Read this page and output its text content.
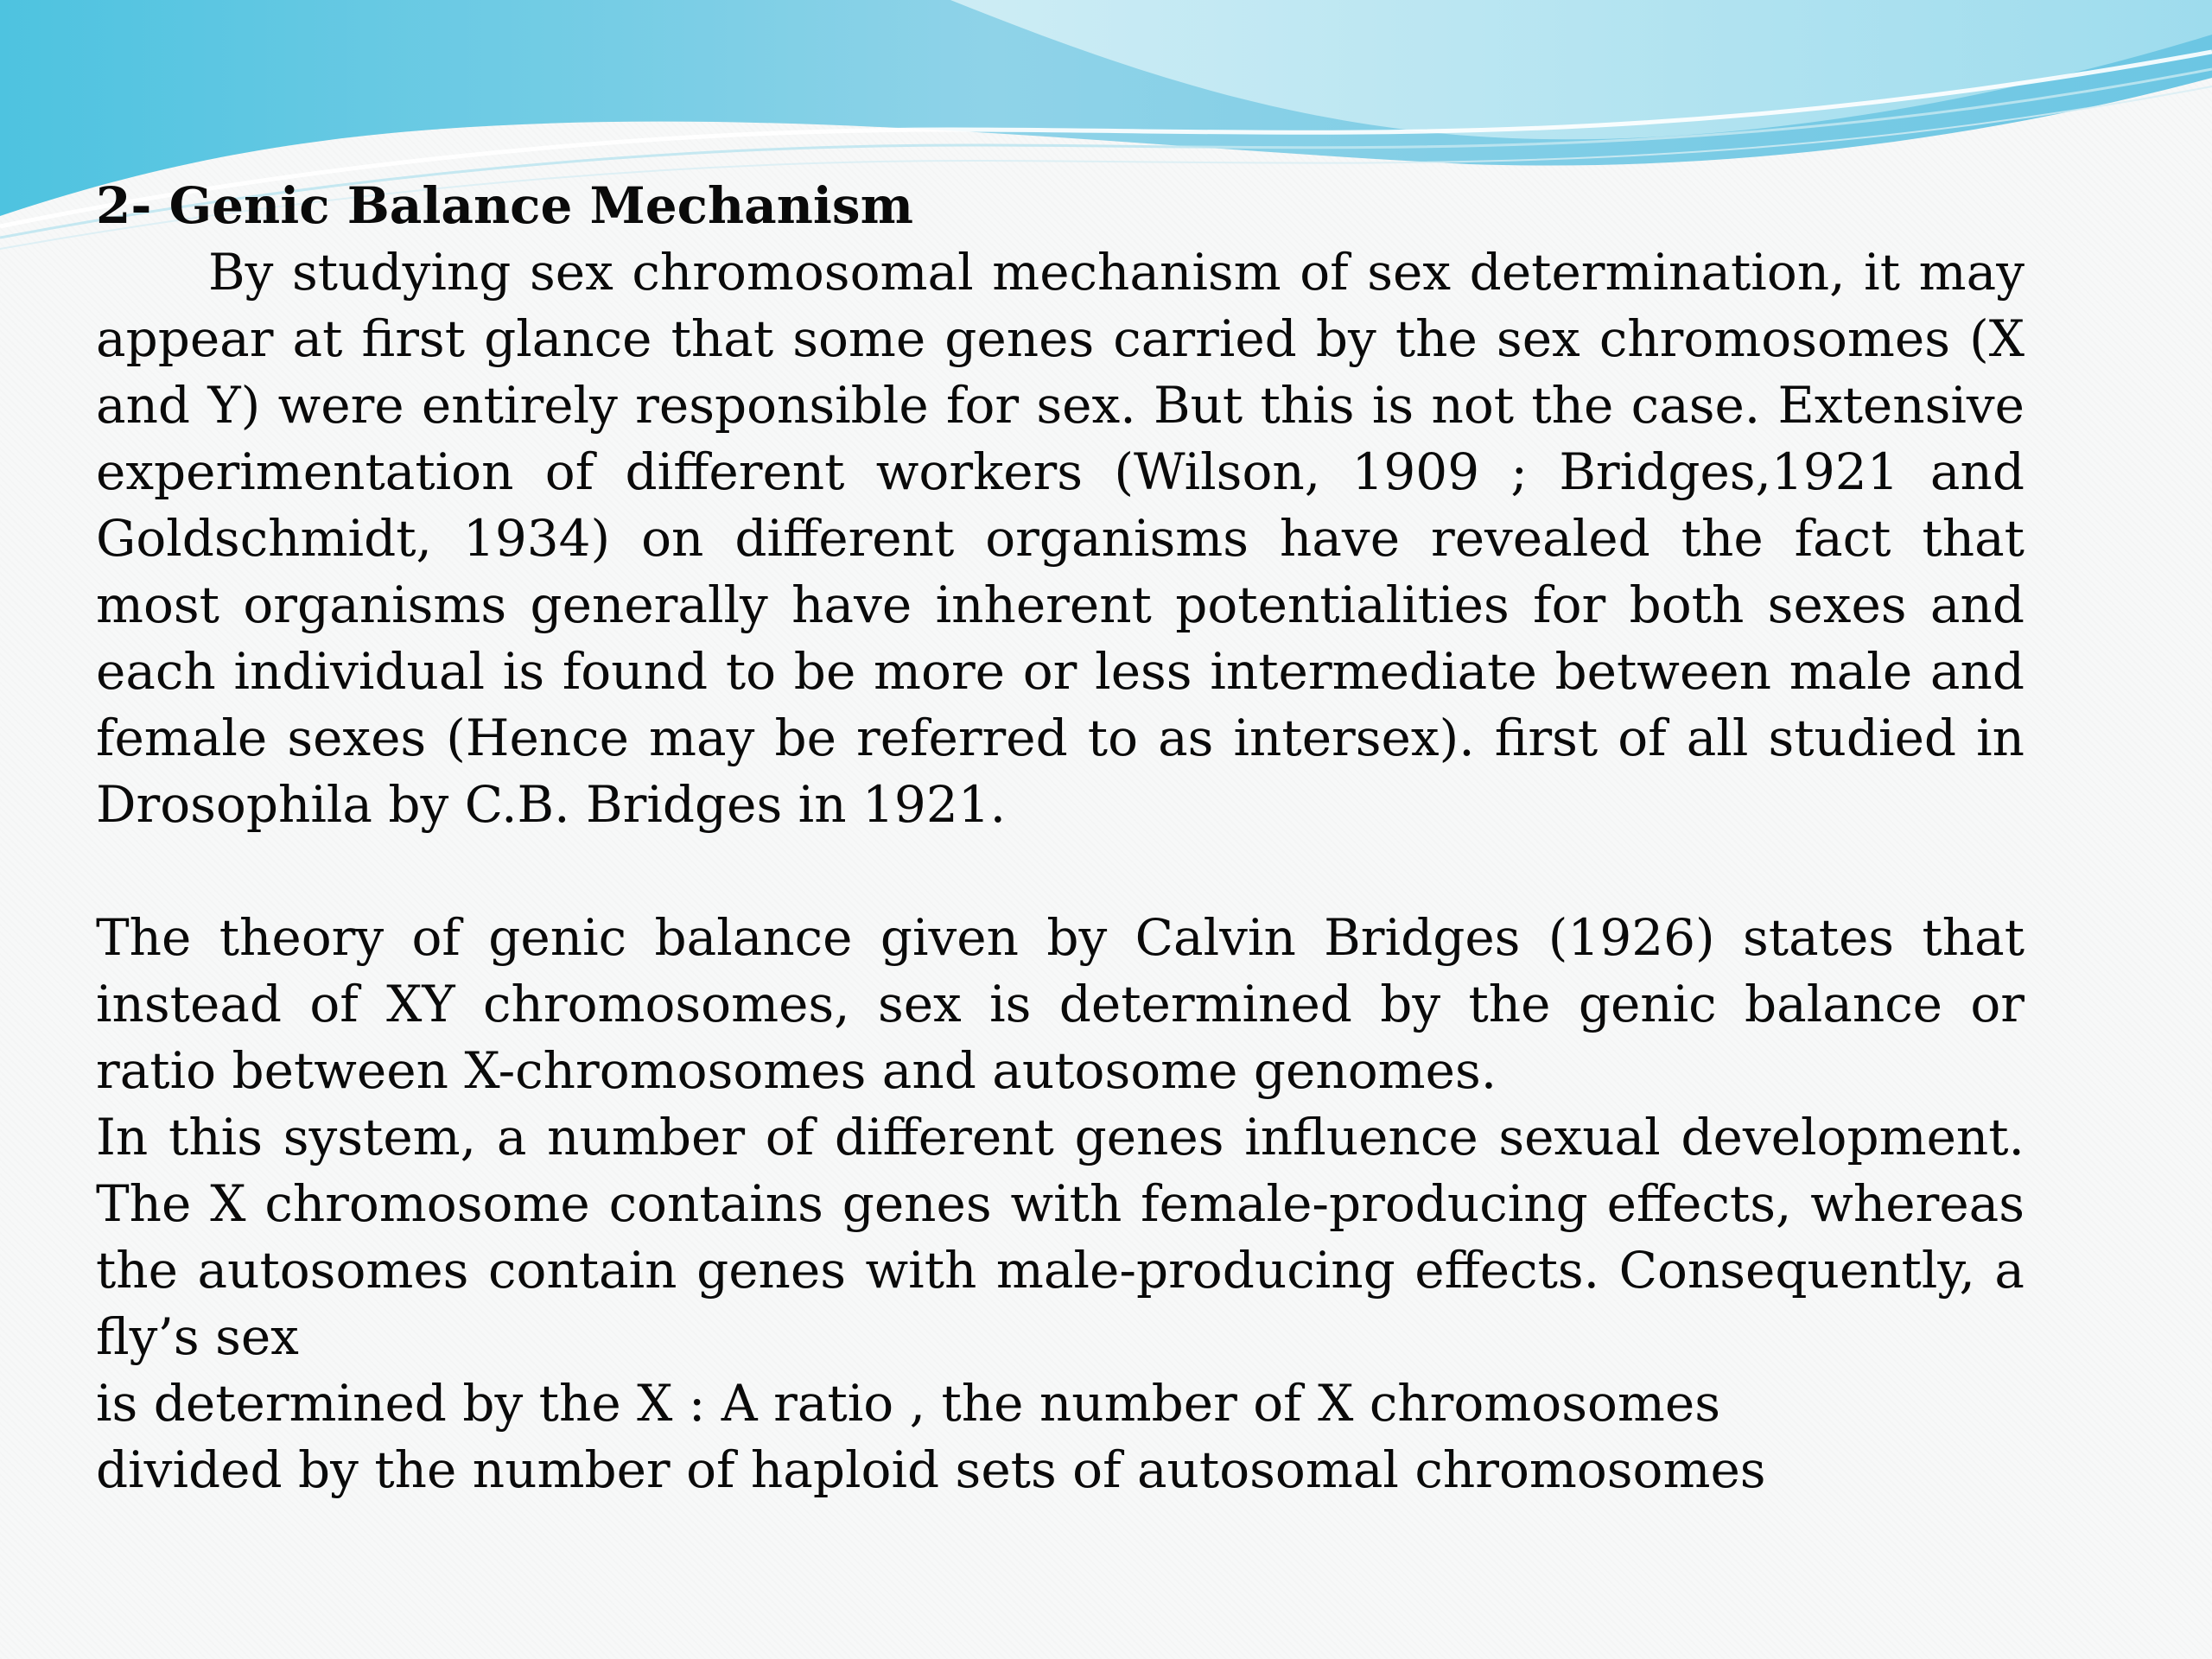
2- Genic Balance Mechanism

By studying sex chromosomal mechanism of sex determination, it may appear at first glance that some genes carried by the sex chromosomes (X and Y) were entirely responsible for sex. But this is not the case. Extensive experimentation of different workers (Wilson, 1909 ; Bridges,1921 and Goldschmidt, 1934) on different organisms have revealed the fact that most organisms generally have inherent potentialities for both sexes and each individual is found to be more or less intermediate between male and female sexes (Hence may be referred to as intersex). first of all studied in Drosophila by C.B. Bridges in 1921.

The theory of genic balance given by Calvin Bridges (1926) states that instead of XY chromosomes, sex is determined by the genic balance or ratio between X-chromosomes and autosome genomes.

In this system, a number of different genes influence sexual development. The X chromosome contains genes with female-producing effects, whereas the autosomes contain genes with male-producing effects. Consequently, a fly’s sex

is determined by the X : A ratio , the number of X chromosomes

divided by the number of haploid sets of autosomal chromosomes
